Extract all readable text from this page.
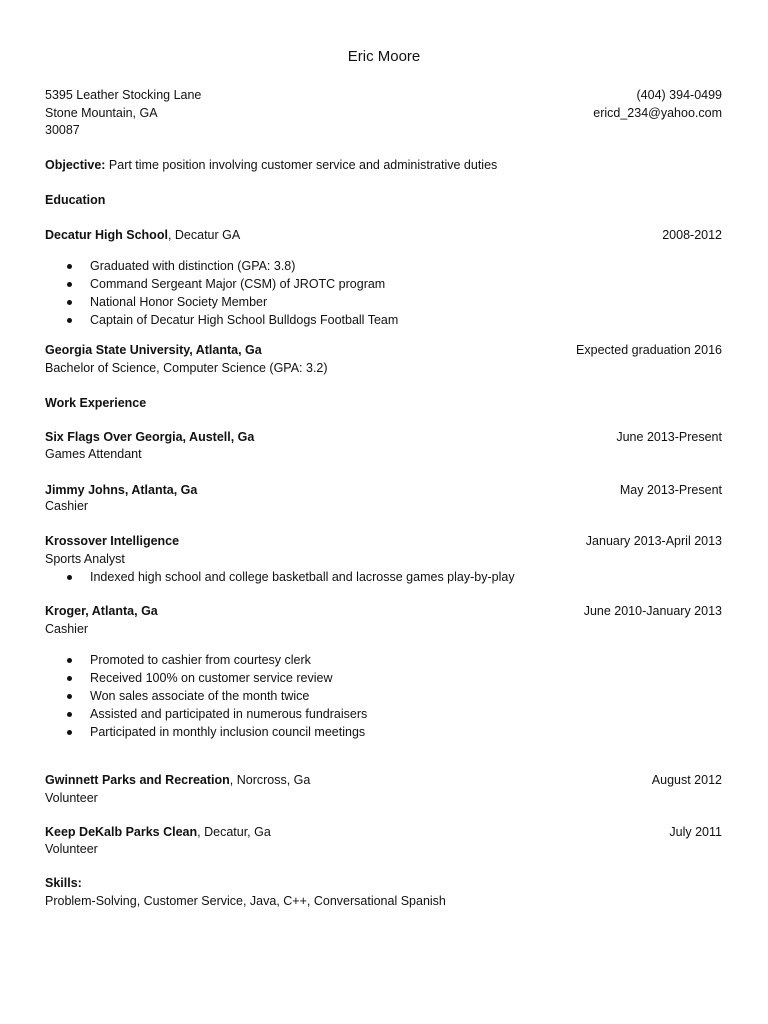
Eric Moore
5395 Leather Stocking Lane	(404) 394-0499
Stone Mountain, GA	ericd_234@yahoo.com
30087
Objective: Part time position involving customer service and administrative duties
Education
Decatur High School, Decatur GA	2008-2012
Graduated with distinction (GPA: 3.8)
Command Sergeant Major (CSM) of JROTC program
National Honor Society Member
Captain of Decatur High School Bulldogs Football Team
Georgia State University, Atlanta, Ga	Expected graduation 2016
Bachelor of Science, Computer Science (GPA: 3.2)
Work Experience
Six Flags Over Georgia, Austell, Ga	June 2013-Present
Games Attendant
Jimmy Johns, Atlanta, Ga	May 2013-Present
Cashier
Krossover Intelligence	January 2013-April 2013
Sports Analyst
Indexed high school and college basketball and lacrosse games play-by-play
Kroger, Atlanta, Ga	June 2010-January 2013
Cashier
Promoted to cashier from courtesy clerk
Received 100% on customer service review
Won sales associate of the month twice
Assisted and participated in numerous fundraisers
Participated in monthly inclusion council meetings
Gwinnett Parks and Recreation, Norcross, Ga	August 2012
Volunteer
Keep DeKalb Parks Clean, Decatur, Ga	July 2011
Volunteer
Skills:
Problem-Solving, Customer Service, Java, C++, Conversational Spanish
